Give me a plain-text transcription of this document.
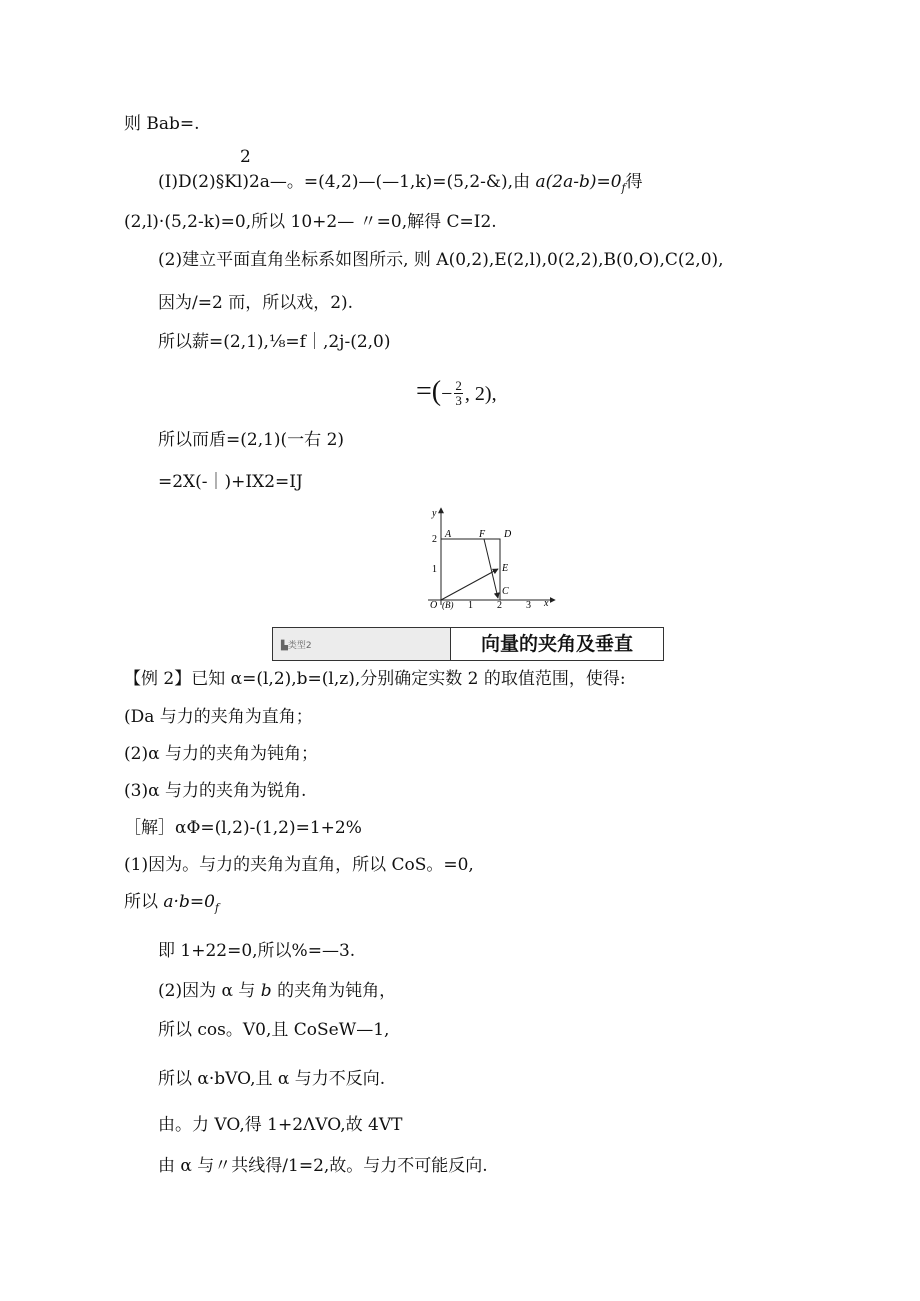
则 Bab=.
2
(I)D(2)§Kl)2a—。=(4,2)—(—1,k)=(5,2-&),由 $a(2a-b)=0_f$得
(2,l)·(5,2-k)=0,所以 10+2— 〃=0,解得 C=I2.
(2)建立平面直角坐标系如图所示, 则 A(0,2),E(2,l),0(2,2),B(0,O),C(2,0),
因为/=2 而，所以戏，2).
所以薪=(2,1),⅛=f｜,2j-(2,0)
=(− $\frac{2}{3}$ , 2),
所以而盾=(2,1)(一右 2)
=2X(-｜)+IX2=IJ
y
x
2
1
1 2 3
O (B)
A	F D
E
C
▙类型2	向量的夹角及垂直
【例 2】已知 α=(l,2),b=(l,z),分别确定实数 2 的取值范围，使得:
(Da 与力的夹角为直角；
(2)α 与力的夹角为钝角；
(3)α 与力的夹角为锐角.
［解］αΦ=(l,2)-(1,2)=1+2%
(1)因为。与力的夹角为直角，所以 CoS。=0,
所以 $a\cdot b=0_f$
即 1+22=0,所以%=—3.
(2)因为 α 与 b 的夹角为钝角，
所以 cos。V0,且 CoSeW—1,
所以 α·bVO,且 α 与力不反向.
由。力 VO,得 1+2ΛVO,故 4VT
由 α 与〃共线得/1=2,故。与力不可能反向.
